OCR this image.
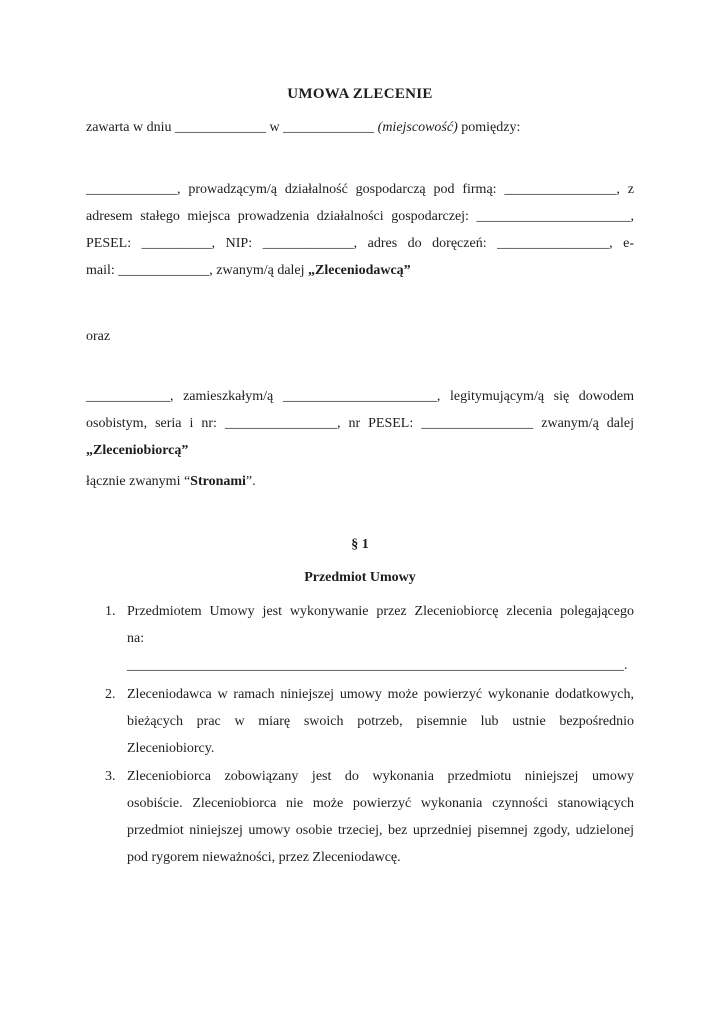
UMOWA ZLECENIE
zawarta w dniu _____________ w _____________ (miejscowość) pomiędzy:
_____________, prowadzącym/ą działalność gospodarczą pod firmą: ________________, z
adresem stałego miejsca prowadzenia działalności gospodarczej: ______________________,
PESEL: __________, NIP: _____________, adres do doręczeń: ________________, e-
mail: _____________, zwanym/ą dalej „Zleceniodawcą”
oraz
____________, zamieszkałym/ą ______________________, legitymującym/ą się dowodem
osobistym, seria i nr: ________________, nr PESEL: ________________ zwanym/ą dalej
„Zleceniobiorcą”
łącznie zwanymi “Stronami”.
§ 1
Przedmiot Umowy
1. Przedmiotem Umowy jest wykonywanie przez Zleceniobiorcę zlecenia polegającego
na:
_______________________________________________________________________.
2. Zleceniodawca w ramach niniejszej umowy może powierzyć wykonanie dodatkowych,
bieżących prac w miarę swoich potrzeb, pisemnie lub ustnie bezpośrednio
Zleceniobiorcy.
3. Zleceniobiorca zobowiązany jest do wykonania przedmiotu niniejszej umowy
osobiście. Zleceniobiorca nie może powierzyć wykonania czynności stanowiących
przedmiot niniejszej umowy osobie trzeciej, bez uprzedniej pisemnej zgody, udzielonej
pod rygorem nieważności, przez Zleceniodawcę.
